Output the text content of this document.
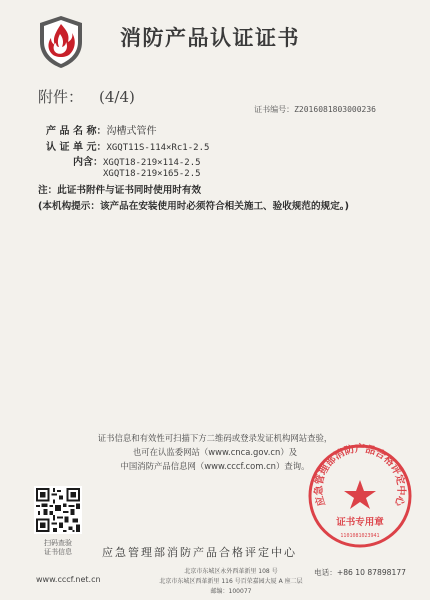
消防产品认证证书
附件： (4/4)
证书编号：Z2016081803000236
产 品 名 称：沟槽式管件
认 证 单 元：XGQT11S-114×Rc1-2.5
内含：XGQT18-219×114-2.5
XGQT18-219×165-2.5
注：此证书附件与证书同时使用时有效
(本机构提示：该产品在安装使用时必须符合相关施工、验收规范的规定。)
证书信息和有效性可扫描下方二维码或登录发证机构网站查验，
也可在认监委网站（www.cnca.gov.cn）及
中国消防产品信息网（www.cccf.com.cn）查询。
扫码查验
证书信息	应急管理部消防产品合格评定中心
应急管理部消防产品合格评定中心
证书专用章
1101081023941
www.cccf.net.cn
北京市东城区永外西革新里 108 号
北京市东城区西革新里 116 号百荣嘉园大厦 A 座二层
邮编：100077
电话：+86 10 87898177
